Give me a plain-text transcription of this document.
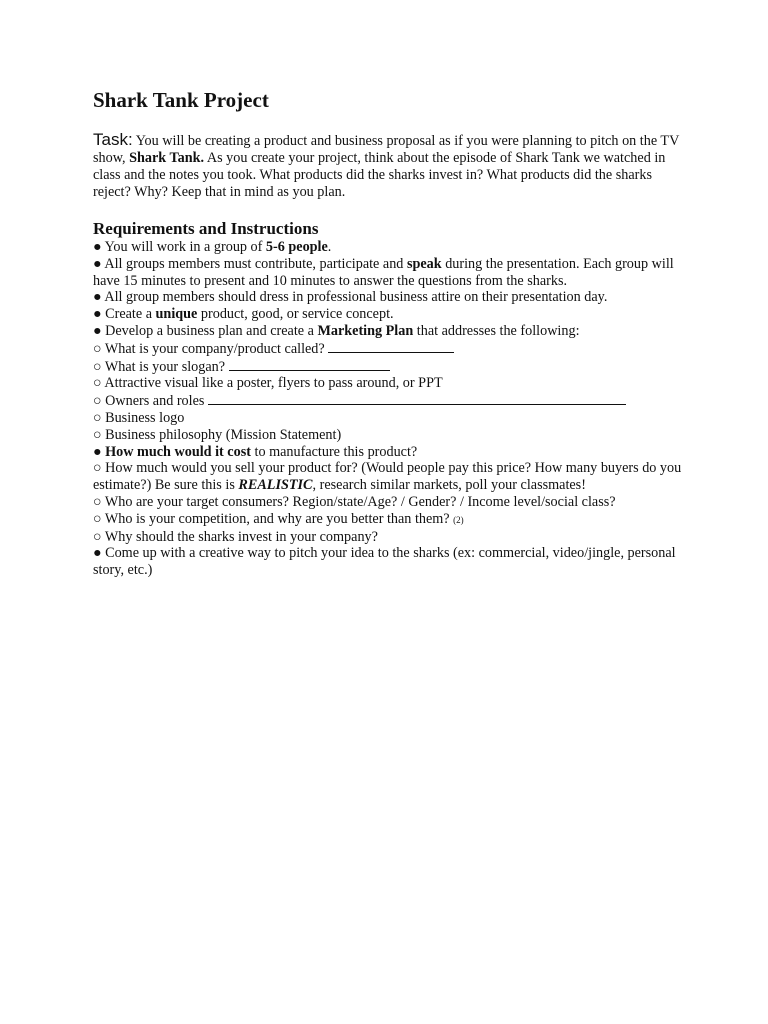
Shark Tank Project
Task: You will be creating a product and business proposal as if you were planning to pitch on the TV show, Shark Tank. As you create your project, think about the episode of Shark Tank we watched in class and the notes you took. What products did the sharks invest in? What products did the sharks reject? Why? Keep that in mind as you plan.
Requirements and Instructions

● You will work in a group of 5-6 people.

● All groups members must contribute, participate and speak during the presentation. Each group will have 15 minutes to present and 10 minutes to answer the questions from the sharks.

● All group members should dress in professional business attire on their presentation day.

● Create a unique product, good, or service concept.

● Develop a business plan and create a Marketing Plan that addresses the following:

○ What is your company/product called?

○ What is your slogan?

○ Attractive visual like a poster, flyers to pass around, or PPT

○ Owners and roles

○ Business logo

○ Business philosophy (Mission Statement)

● How much would it cost to manufacture this product?

○ How much would you sell your product for? (Would people pay this price? How many buyers do you estimate?) Be sure this is REALISTIC, research similar markets, poll your classmates!

○ Who are your target consumers? Region/state/Age? / Gender? / Income level/social class?

○ Who is your competition, and why are you better than them? (2)

○ Why should the sharks invest in your company?

● Come up with a creative way to pitch your idea to the sharks (ex: commercial, video/jingle, personal story, etc.)
